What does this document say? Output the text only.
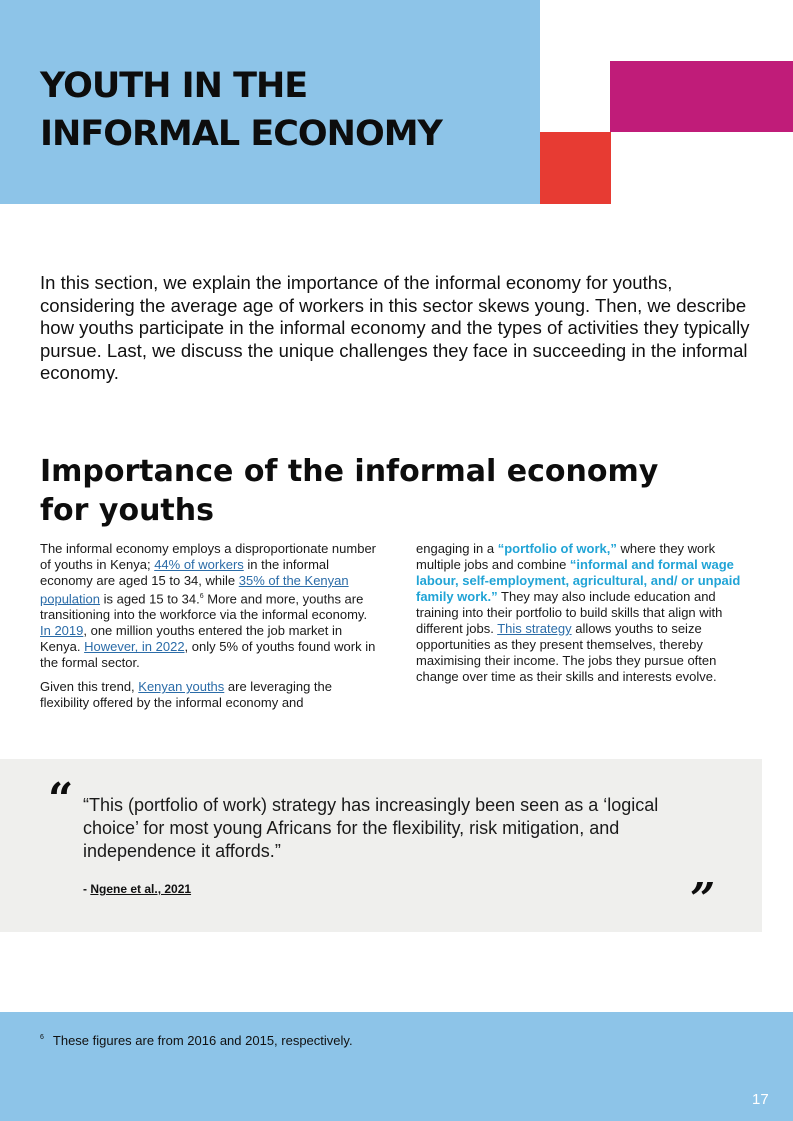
YOUTH IN THE
INFORMAL ECONOMY

In this section, we explain the importance of the informal economy for youths, considering the average age of workers in this sector skews young. Then, we describe how youths participate in the informal economy and the types of activities they typically pursue. Last, we discuss the unique challenges they face in succeeding in the informal economy.

Importance of the informal economy
for youths

The informal economy employs a disproportionate number of youths in Kenya; 44% of workers in the informal economy are aged 15 to 34, while 35% of the Kenyan population is aged 15 to 34.$^6$ More and more, youths are transitioning into the workforce via the informal economy. In 2019, one million youths entered the job market in Kenya. However, in 2022, only 5% of youths found work in the formal sector.

Given this trend, Kenyan youths are leveraging the flexibility offered by the informal economy and

engaging in a “portfolio of work,” where they work multiple jobs and combine “informal and formal wage labour, self-employment, agricultural, and/ or unpaid family work.” They may also include education and training into their portfolio to build skills that align with different jobs. This strategy allows youths to seize opportunities as they present themselves, thereby maximising their income. The jobs they pursue often change over time as their skills and interests evolve.

“ “This (portfolio of work) strategy has increasingly been seen as a ‘logical choice’ for most young Africans for the flexibility, risk mitigation, and independence it affords.”

- Ngene et al., 2021	”
$^6$ These figures are from 2016 and 2015, respectively.
17
